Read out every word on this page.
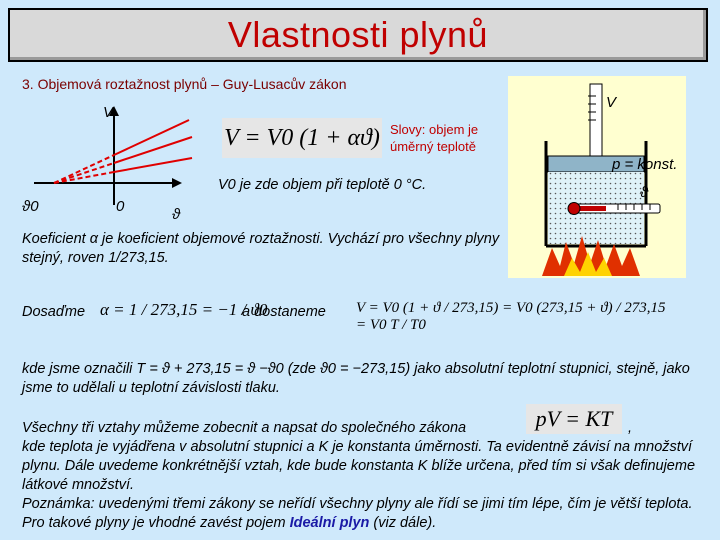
Vlastnosti plynů
3. Objemová roztažnost plynů – Guy-Lusacův zákon
V
ϑ0	0	ϑ
V = V0 (1 + αϑ) Slovy: objem je úměrný teplotě
V0 je zde objem při teplotě 0 °C.
V
p = konst.
ϑ
Koeficient α je koeficient objemové roztažnosti. Vychází pro všechny plyny stejný, roven 1/273,15.
Dosaďme α = 1 / 273,15 = −1 / ϑ0
a dostaneme V = V0 (1 + ϑ / 273,15) = V0 (273,15 + ϑ) / 273,15 = V0 T / T0
kde jsme označili T = ϑ + 273,15 = ϑ −ϑ0 (zde ϑ0 = −273,15) jako absolutní teplotní stupnici, stejně, jako jsme to udělali u teplotní závislosti tlaku.
Všechny tři vztahy můžeme zobecnit a napsat do společného zákona	pV = KT	,
kde teplota je vyjádřena v absolutní stupnici a K je konstanta úměrnosti. Ta evidentně závisí na množství plynu. Dále uvedeme konkrétnější vztah, kde bude konstanta K blíže určena, před tím si však definujeme látkové množství.
Poznámka: uvedenými třemi zákony se neřídí všechny plyny ale řídí se jimi tím lépe, čím je větší teplota. Pro takové plyny je vhodné zavést pojem Ideální plyn (viz dále).
